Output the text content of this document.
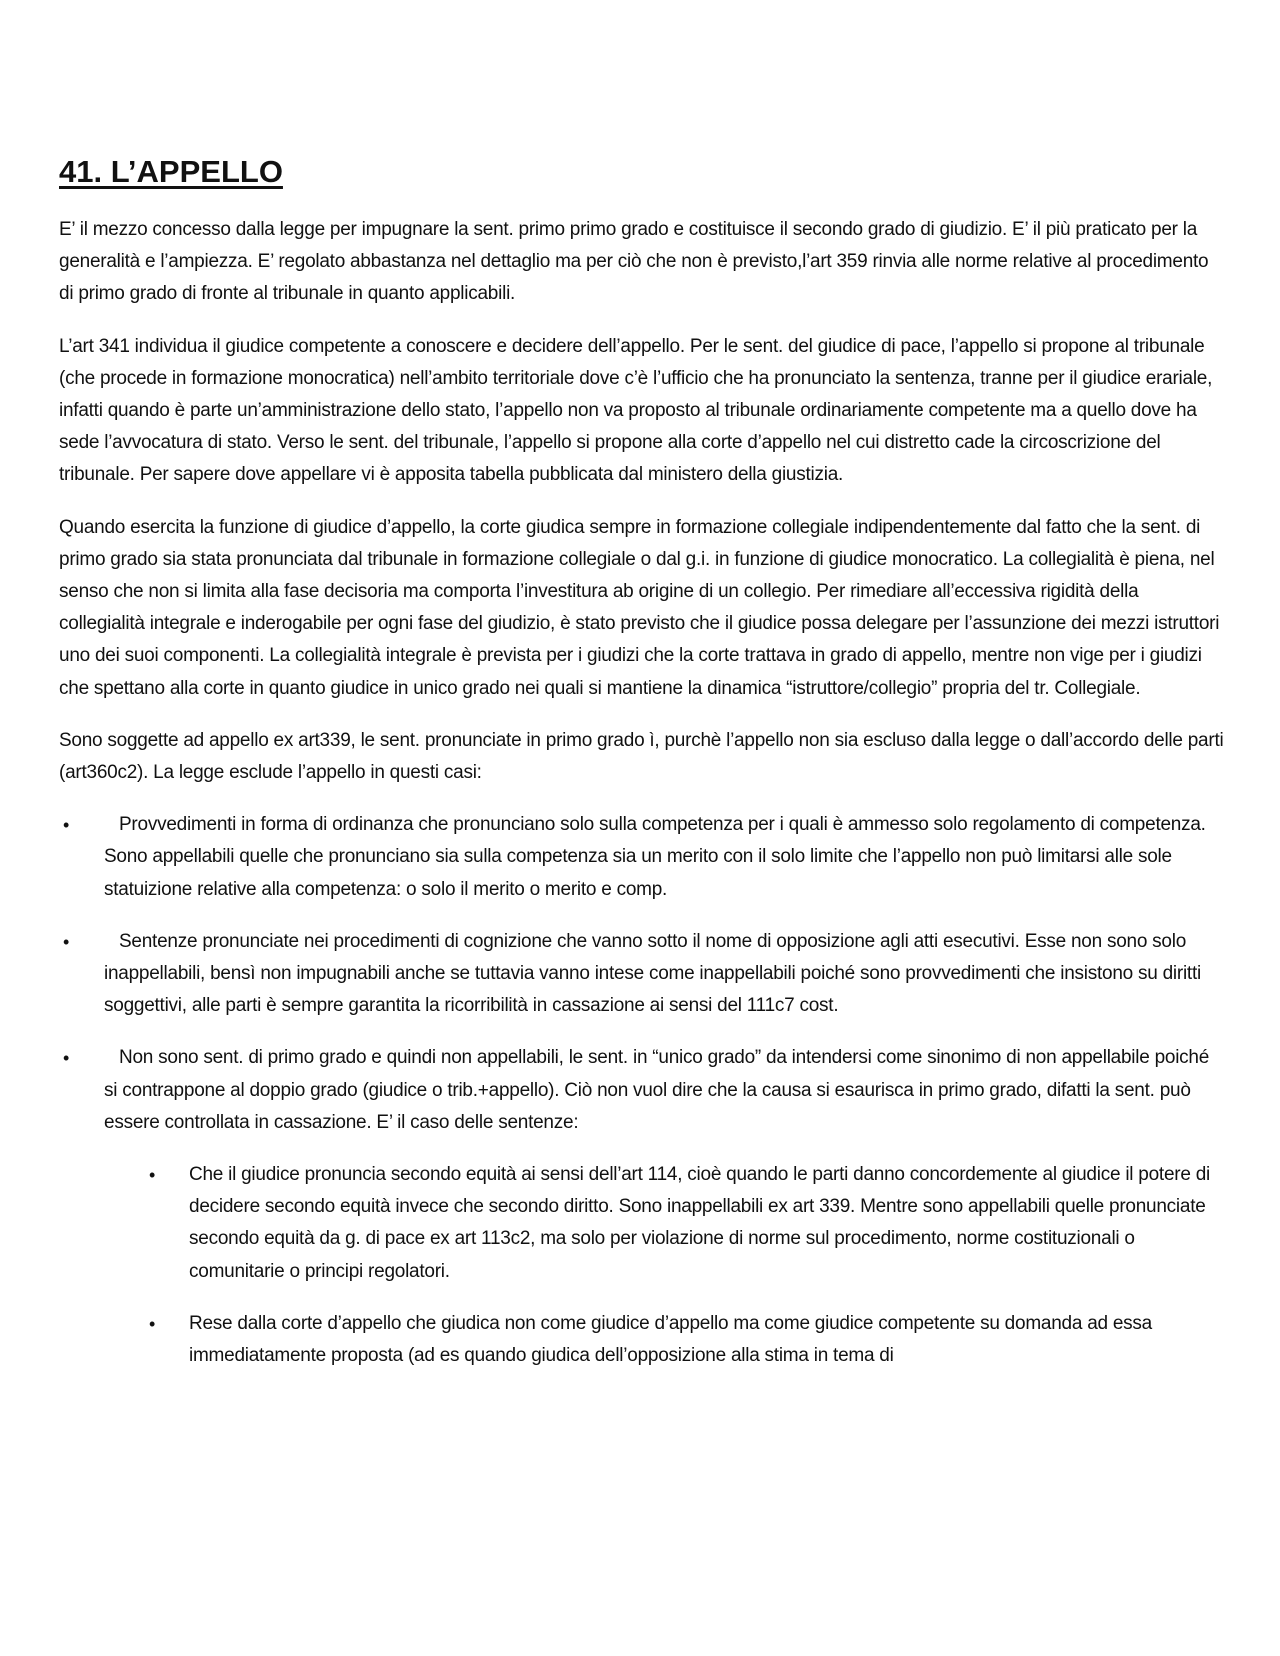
41. L’APPELLO

E’ il mezzo concesso dalla legge per impugnare la sent. primo primo grado e costituisce il secondo grado di giudizio. E’ il più praticato per la generalità e l’ampiezza. E’ regolato abbastanza nel dettaglio ma per ciò che non è previsto,l’art 359 rinvia alle norme relative al procedimento di primo grado di fronte al tribunale in quanto applicabili.

L’art 341 individua il giudice competente a conoscere e decidere dell’appello. Per le sent. del giudice di pace, l’appello si propone al tribunale (che procede in formazione monocratica) nell’ambito territoriale dove c’è l’ufficio che ha pronunciato la sentenza, tranne per il giudice erariale, infatti quando è parte un’amministrazione dello stato, l’appello non va proposto al tribunale ordinariamente competente ma a quello dove ha sede l’avvocatura di stato. Verso le sent. del tribunale, l’appello si propone alla corte d’appello nel cui distretto cade la circoscrizione del tribunale. Per sapere dove appellare vi è apposita tabella pubblicata dal ministero della giustizia.

Quando esercita la funzione di giudice d’appello, la corte giudica sempre in formazione collegiale indipendentemente dal fatto che la sent. di primo grado sia stata pronunciata dal tribunale in formazione collegiale o dal g.i. in funzione di giudice monocratico. La collegialità è piena, nel senso che non si limita alla fase decisoria ma comporta l’investitura ab origine di un collegio. Per rimediare all’eccessiva rigidità della collegialità integrale e inderogabile per ogni fase del giudizio, è stato previsto che il giudice possa delegare per l’assunzione dei mezzi istruttori uno dei suoi componenti. La collegialità integrale è prevista per i giudizi che la corte trattava in grado di appello, mentre non vige per i giudizi che spettano alla corte in quanto giudice in unico grado nei quali si mantiene la dinamica “istruttore/collegio” propria del tr. Collegiale.

Sono soggette ad appello ex art339, le sent. pronunciate in primo grado ì, purchè l’appello non sia escluso dalla legge o dall’accordo delle parti (art360c2). La legge esclude l’appello in questi casi:

•	Provvedimenti in forma di ordinanza che pronunciano solo sulla competenza per i quali è ammesso solo regolamento di competenza. Sono appellabili quelle che pronunciano sia sulla competenza sia un merito con il solo limite che l’appello non può limitarsi alle sole statuizione relative alla competenza: o solo il merito o merito e comp.
•	Sentenze pronunciate nei procedimenti di cognizione che vanno sotto il nome di opposizione agli atti esecutivi. Esse non sono solo inappellabili, bensì non impugnabili anche se tuttavia vanno intese come inappellabili poiché sono provvedimenti che insistono su diritti soggettivi, alle parti è sempre garantita la ricorribilità in cassazione ai sensi del 111c7 cost.
•	Non sono sent. di primo grado e quindi non appellabili, le sent. in “unico grado” da intendersi come sinonimo di non appellabile poiché si contrappone al doppio grado (giudice o trib.+appello). Ciò non vuol dire che la causa si esaurisca in primo grado, difatti la sent. può essere controllata in cassazione. E’ il caso delle sentenze:
• Che il giudice pronuncia secondo equità ai sensi dell’art 114, cioè quando le parti danno concordemente al giudice il potere di decidere secondo equità invece che secondo diritto. Sono inappellabili ex art 339. Mentre sono appellabili quelle pronunciate secondo equità da g. di pace ex art 113c2, ma solo per violazione di norme sul procedimento, norme costituzionali o comunitarie o principi regolatori.
• Rese dalla corte d’appello che giudica non come giudice d’appello ma come giudice competente su domanda ad essa immediatamente proposta (ad es quando giudica dell’opposizione alla stima in tema di
